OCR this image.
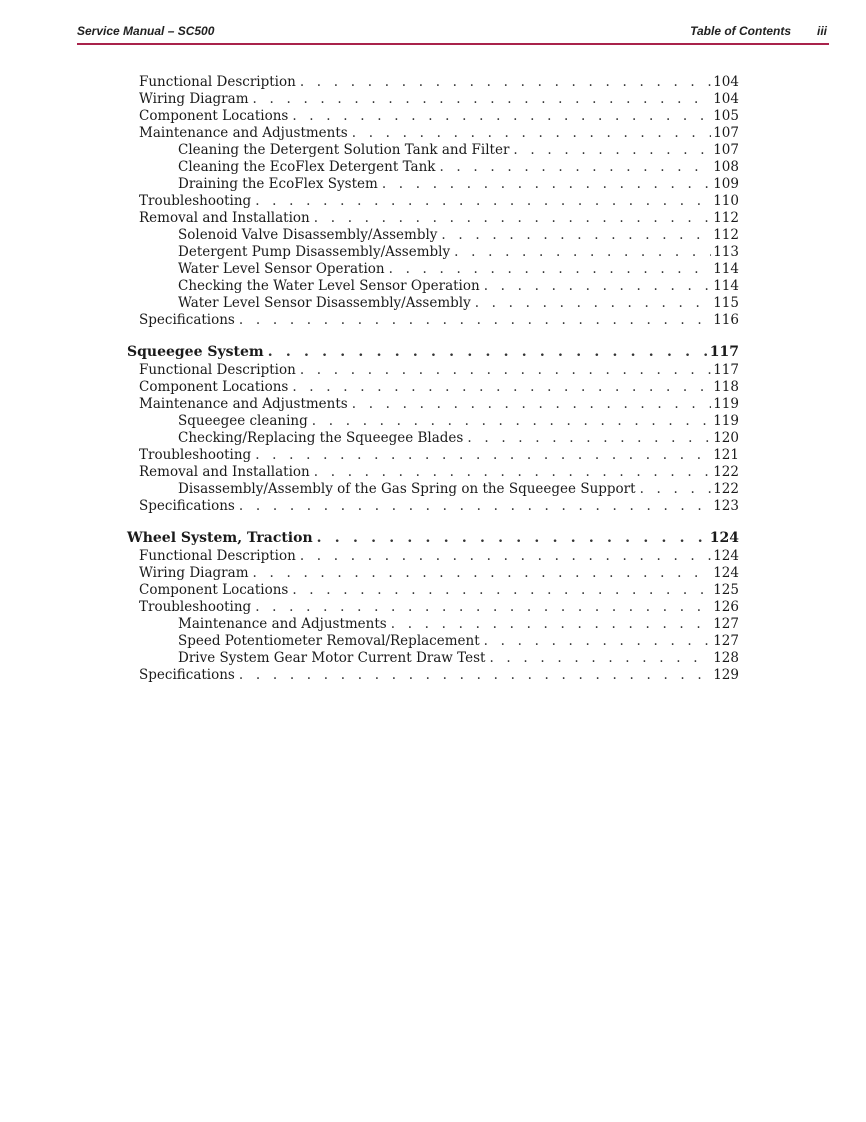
Service Manual – SC500	Table of Contents iii
Functional Description . . .	104
Wiring Diagram . . .	104
Component Locations . . .	105
Maintenance and Adjustments . . .	107
Cleaning the Detergent Solution Tank and Filter . . .	107
Cleaning the EcoFlex Detergent Tank . . .	108
Draining the EcoFlex System . . .	109
Troubleshooting . . .	110
Removal and Installation . . .	112
Solenoid Valve Disassembly/Assembly . . .	112
Detergent Pump Disassembly/Assembly . . .	113
Water Level Sensor Operation . . .	114
Checking the Water Level Sensor Operation . . .	114
Water Level Sensor Disassembly/Assembly . . .	115
Specifications . . .	116
Squeegee System . . .	117
Functional Description . . .	117
Component Locations . . .	118
Maintenance and Adjustments . . .	119
Squeegee cleaning . . .	119
Checking/Replacing the Squeegee Blades . . .	120
Troubleshooting . . .	121
Removal and Installation . . .	122
Disassembly/Assembly of the Gas Spring on the Squeegee Support . . .	122
Specifications . . .	123
Wheel System, Traction . . .	124
Functional Description . . .	124
Wiring Diagram . . .	124
Component Locations . . .	125
Troubleshooting . . .	126
Maintenance and Adjustments . . .	127
Speed Potentiometer Removal/Replacement . . .	127
Drive System Gear Motor Current Draw Test . . .	128
Specifications . . .	129
